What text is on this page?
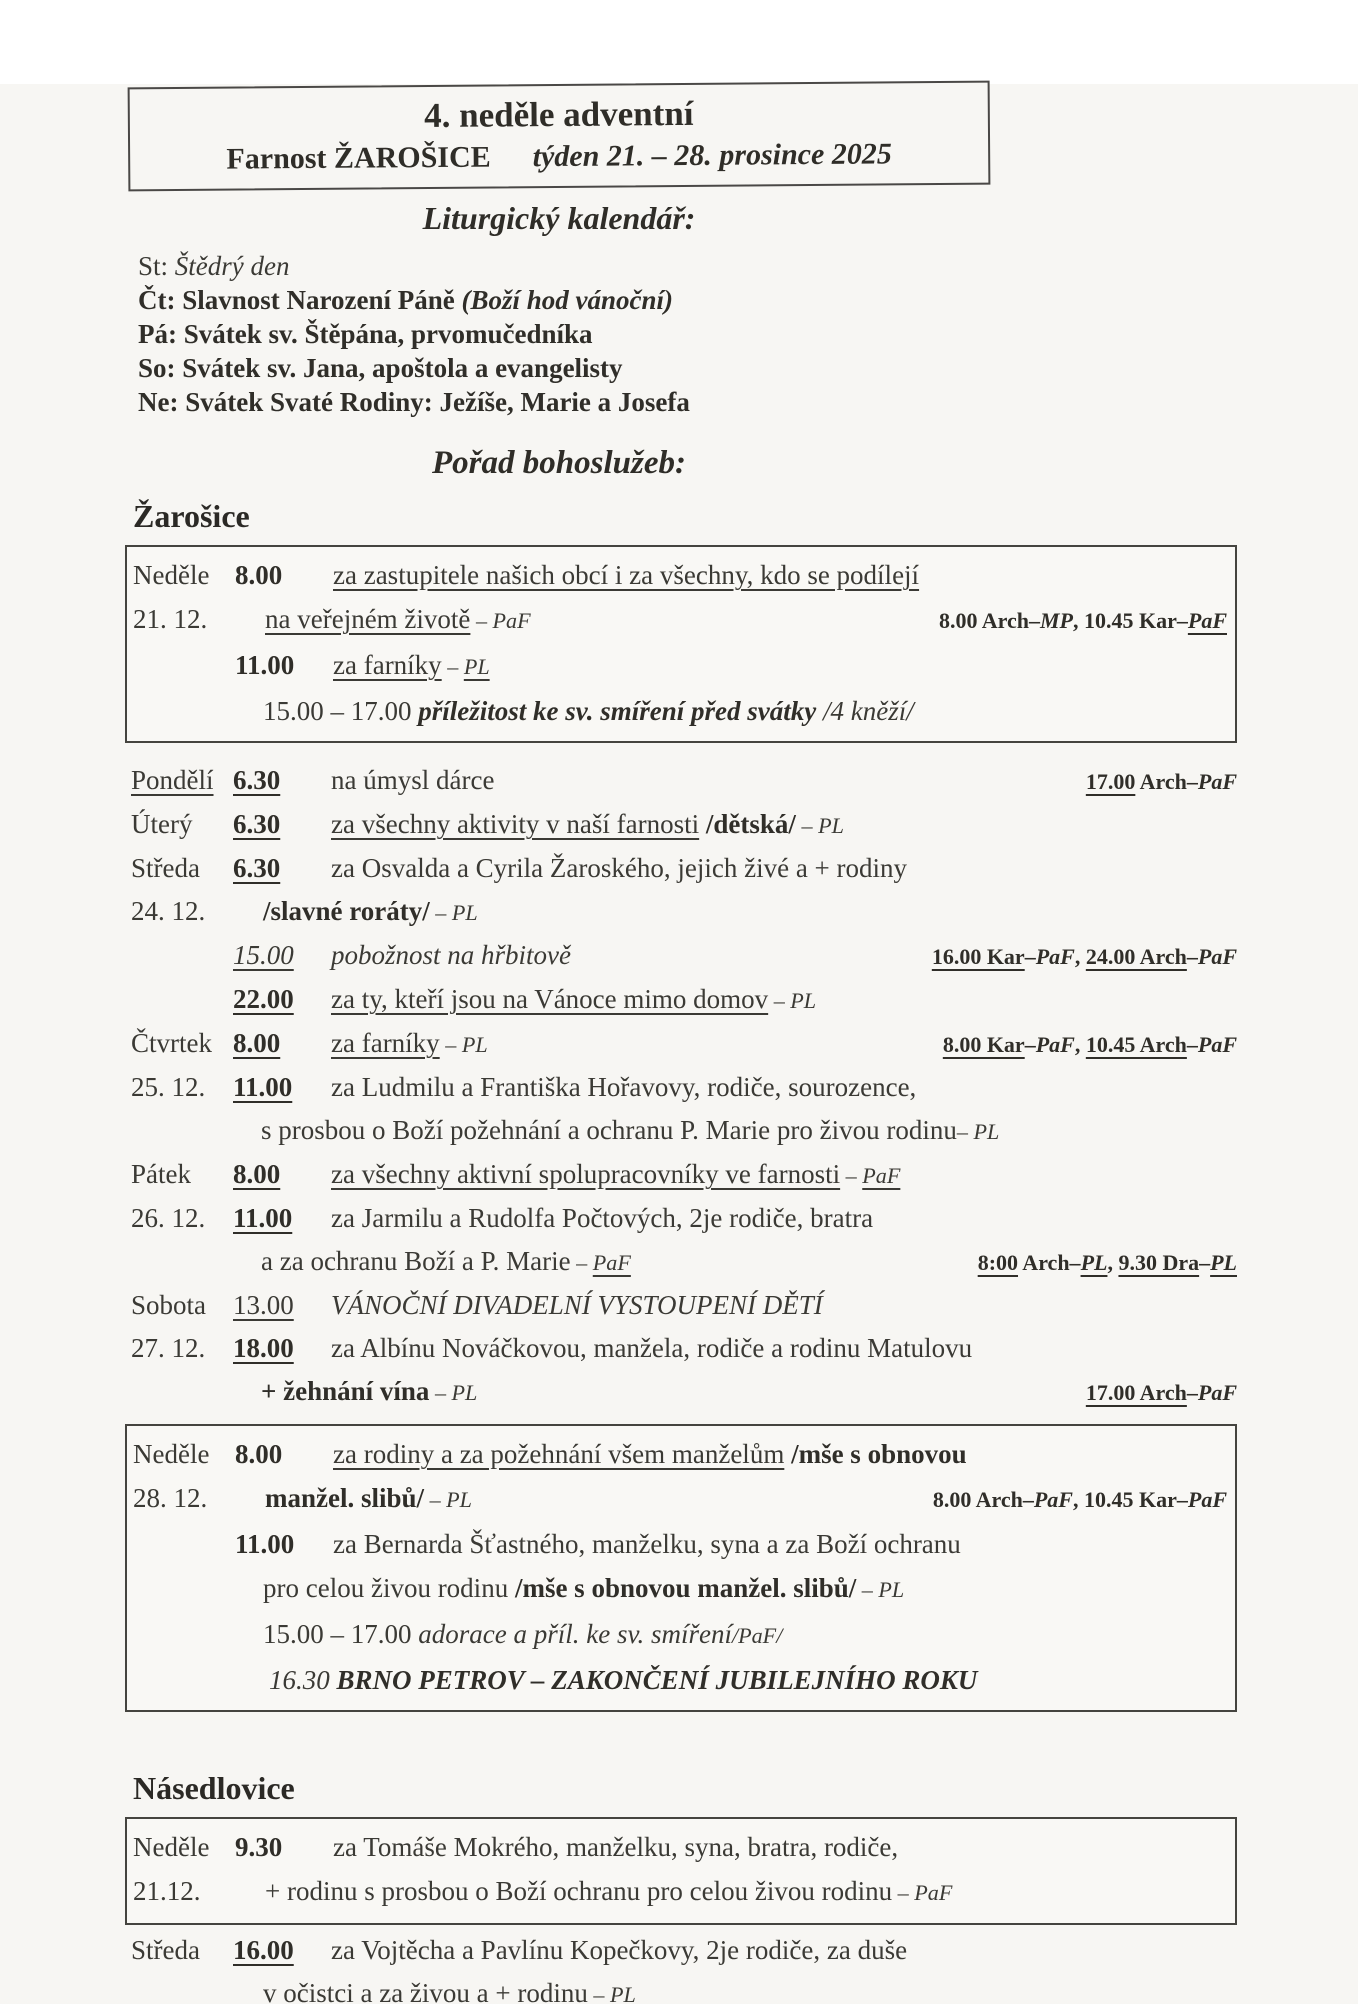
4. neděle adventní
Farnost ŽAROŠICE týden 21. – 28. prosince 2025
Liturgický kalendář:
St: Štědrý den
Čt: Slavnost Narození Páně (Boží hod vánoční)
Pá: Svátek sv. Štěpána, prvomučedníka
So: Svátek sv. Jana, apoštola a evangelisty
Ne: Svátek Svaté Rodiny: Ježíše, Marie a Josefa
Pořad bohoslužeb:
Žarošice
Neděle 8.00	za zastupitele našich obcí i za všechny, kdo se podílejí
21. 12.	na veřejném životě – PaF	8.00 Arch–MP, 10.45 Kar–PaF
11.00	za farníky – PL
15.00 – 17.00 příležitost ke sv. smíření před svátky /4 kněží/
Pondělí 6.30	na úmysl dárce	17.00 Arch–PaF
Úterý	6.30	za všechny aktivity v naší farnosti /dětská/ – PL
Středa	6.30	za Osvalda a Cyrila Žaroského, jejich živé a + rodiny
24. 12.	/slavné roráty/ – PL
15.00	pobožnost na hřbitově	16.00 Kar–PaF, 24.00 Arch–PaF
22.00	za ty, kteří jsou na Vánoce mimo domov – PL
Čtvrtek 8.00	za farníky – PL	8.00 Kar–PaF, 10.45 Arch–PaF
25. 12.	11.00	za Ludmilu a Františka Hořavovy, rodiče, sourozence,
s prosbou o Boží požehnání a ochranu P. Marie pro živou rodinu– PL
Pátek	8.00	za všechny aktivní spolupracovníky ve farnosti – PaF
26. 12.	11.00	za Jarmilu a Rudolfa Počtových, 2je rodiče, bratra
a za ochranu Boží a P. Marie – PaF	8:00 Arch–PL, 9.30 Dra–PL
Sobota 13.00	VÁNOČNÍ DIVADELNÍ VYSTOUPENÍ DĚTÍ
27. 12.	18.00	za Albínu Nováčkovou, manžela, rodiče a rodinu Matulovu
+ žehnání vína – PL	17.00 Arch–PaF
Neděle 8.00	za rodiny a za požehnání všem manželům /mše s obnovou
28. 12.	manžel. slibů/ – PL	8.00 Arch–PaF, 10.45 Kar–PaF
11.00	za Bernarda Šťastného, manželku, syna a za Boží ochranu
pro celou živou rodinu /mše s obnovou manžel. slibů/ – PL
15.00 – 17.00 adorace a příl. ke sv. smíření/PaF/
16.30 BRNO PETROV – ZAKONČENÍ JUBILEJNÍHO ROKU
Násedlovice
Neděle 9.30	za Tomáše Mokrého, manželku, syna, bratra, rodiče,
21.12.	+ rodinu s prosbou o Boží ochranu pro celou živou rodinu – PaF
Středa	16.00	za Vojtěcha a Pavlínu Kopečkovy, 2je rodiče, za duše
v očistci a za živou a + rodinu – PL
